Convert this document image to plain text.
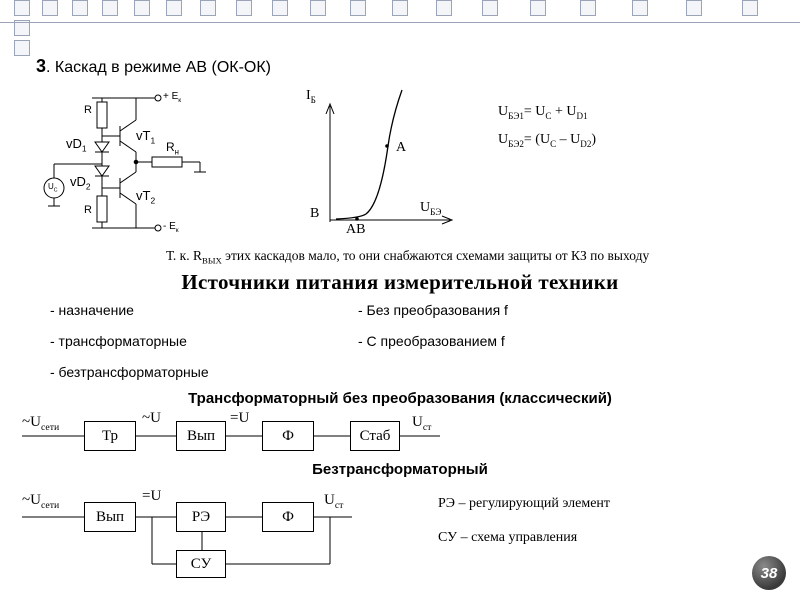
3. Каскад в режиме АВ (ОК-ОК)
R
R
$vD_1$
$vD_2$
$vT_1$
$vT_2$
$R_н$
$U_C$
+ $E_к$
- $E_к$
$I_Б$
$U_{БЭ}$
A
B
AB
$U_{БЭ1}= U_C + U_{D1}$
$U_{БЭ2}= (U_C - U_{D2})$
Т. к. $R_{ВЫХ}$ этих каскадов мало, то они снабжаются схемами защиты от КЗ по выходу
Источники питания измерительной техники
- назначение
- трансформаторные
- безтрансформаторные
- Без преобразования f
- С преобразованием f
Трансформаторный без преобразования (классический)
Тр	Вып	Ф	Стаб
$\sim U_{сети}$
~U	=U	$U_{ст}$
Безтрансформаторный
Вып	РЭ	Ф
СУ
$\sim U_{сети}$
=U	$U_{ст}$	РЭ – регулирующий элемент
СУ – схема управления
38
